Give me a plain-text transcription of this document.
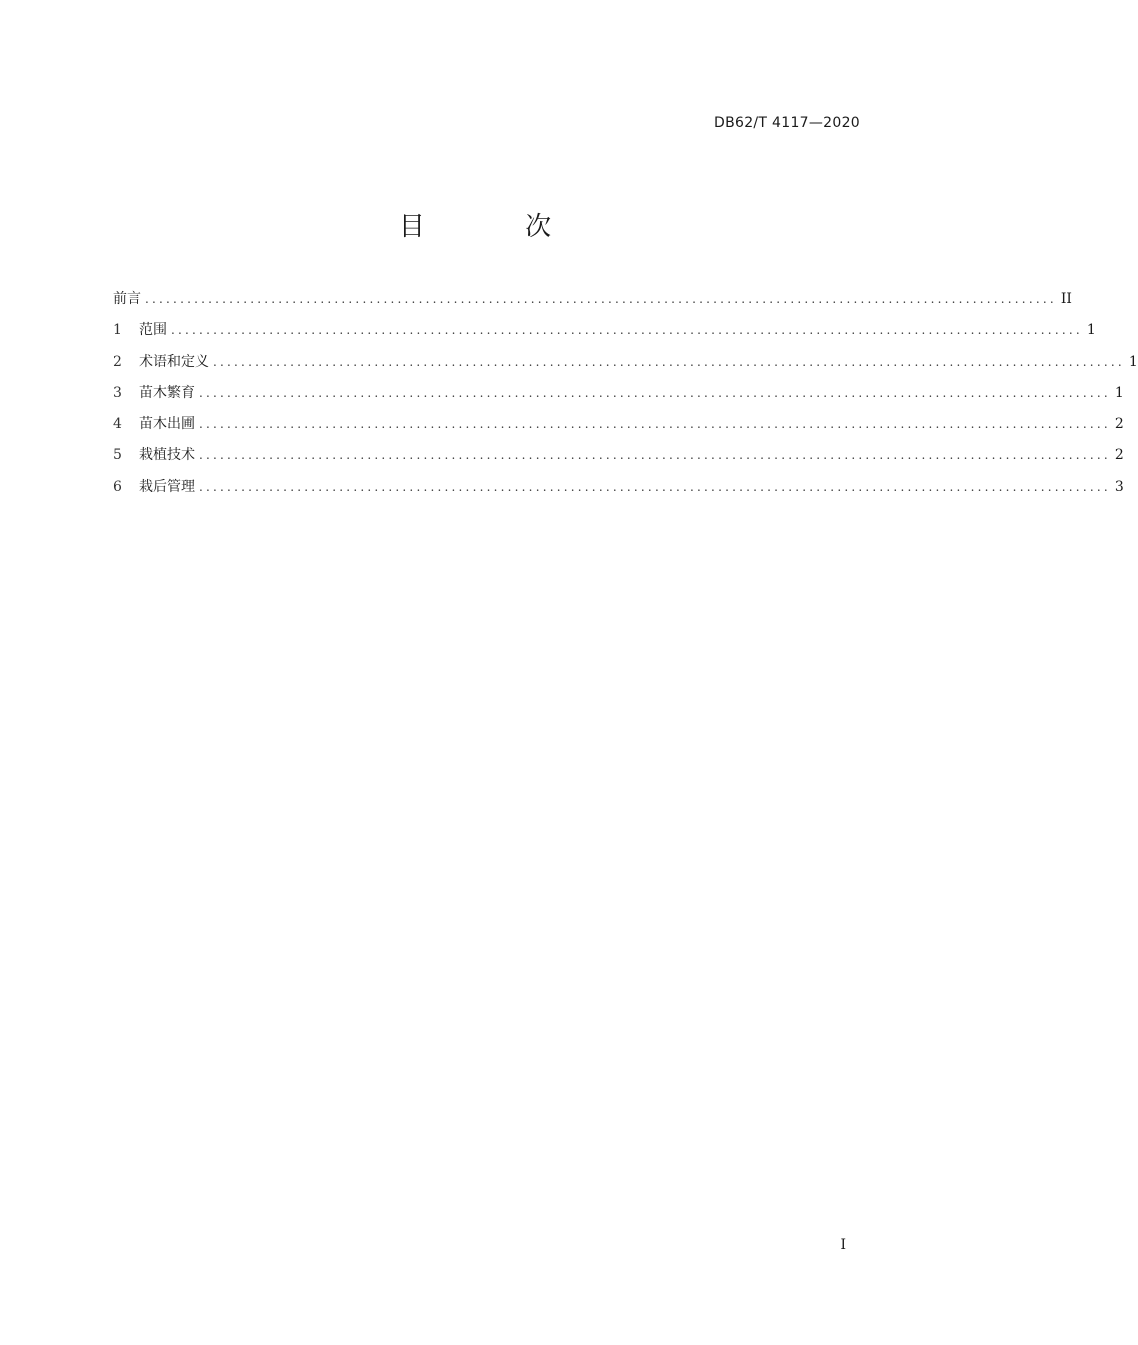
DB62/T 4117—2020
目 次
前言 .................................................................................................................................. II
1	范围 .................................................................................................................................. 1
2	术语和定义 .................................................................................................................................. 1
3	苗木繁育 .................................................................................................................................. 1
4	苗木出圃 .................................................................................................................................. 2
5	栽植技术 .................................................................................................................................. 2
6	栽后管理 .................................................................................................................................. 3
I
